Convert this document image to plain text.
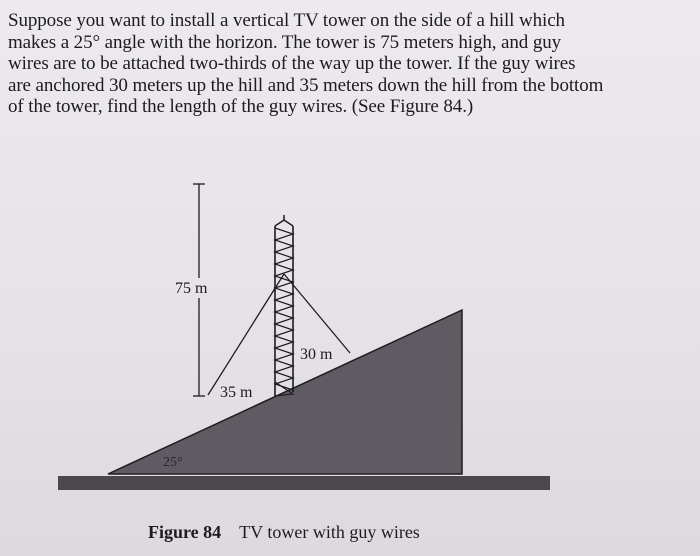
Suppose you want to install a vertical TV tower on the side of a hill which
makes a 25° angle with the horizon. The tower is 75 meters high, and guy
wires are to be attached two-thirds of the way up the tower. If the guy wires
are anchored 30 meters up the hill and 35 meters down the hill from the bottom
of the tower, find the length of the guy wires. (See Figure 84.)
75 m
30 m
35 m
25°
Figure 84 TV tower with guy wires
